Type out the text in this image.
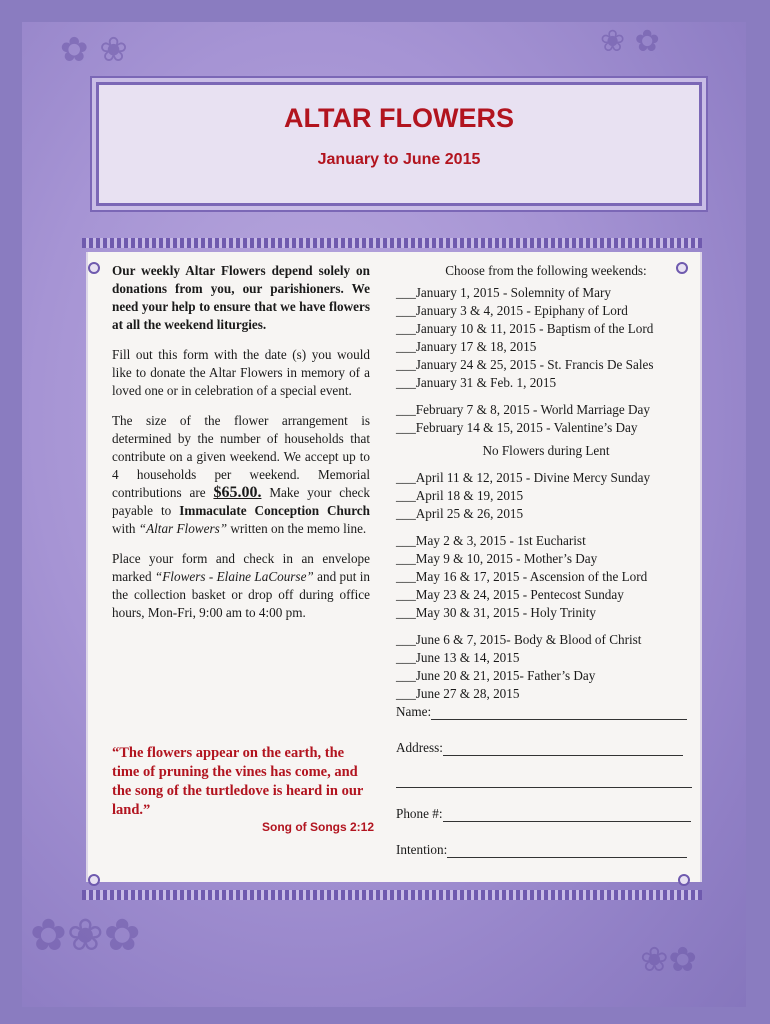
✿ ❀	❀ ✿
✿❀✿	❀✿
ALTAR FLOWERS
January to June 2015

Our weekly Altar Flowers depend solely on donations from you, our parishioners. We need your help to ensure that we have flowers at all the weekend liturgies.

Fill out this form with the date (s) you would like to donate the Altar Flowers in memory of a loved one or in celebration of a special event.

The size of the flower arrangement is determined by the number of households that contribute on a given weekend. We accept up to 4 households per weekend. Memorial contributions are $65.00. Make your check payable to Immaculate Conception Church with “Altar Flowers” written on the memo line.

Place your form and check in an envelope marked “Flowers - Elaine LaCourse” and put in the collection basket or drop off during office hours, Mon-Fri, 9:00 am to 4:00 pm.

“The flowers appear on the earth, the time of pruning the vines has come, and the song of the turtledove is heard in our land.”
Song of Songs 2:12
Choose from the following weekends:
___January 1, 2015 - Solemnity of Mary
___January 3 & 4, 2015 - Epiphany of Lord
___January 10 & 11, 2015 - Baptism of the Lord
___January 17 & 18, 2015
___January 24 & 25, 2015 - St. Francis De Sales
___January 31 & Feb. 1, 2015
___February 7 & 8, 2015 - World Marriage Day
___February 14 & 15, 2015 - Valentine’s Day
No Flowers during Lent
___April 11 & 12, 2015 - Divine Mercy Sunday
___April 18 & 19, 2015
___April 25 & 26, 2015
___May 2 & 3, 2015 - 1st Eucharist
___May 9 & 10, 2015 - Mother’s Day
___May 16 & 17, 2015 - Ascension of the Lord
___May 23 & 24, 2015 - Pentecost Sunday
___May 30 & 31, 2015 - Holy Trinity
___June 6 & 7, 2015- Body & Blood of Christ
___June 13 & 14, 2015
___June 20 & 21, 2015- Father’s Day
___June 27 & 28, 2015
Name:
Address:
Phone #:
Intention:
